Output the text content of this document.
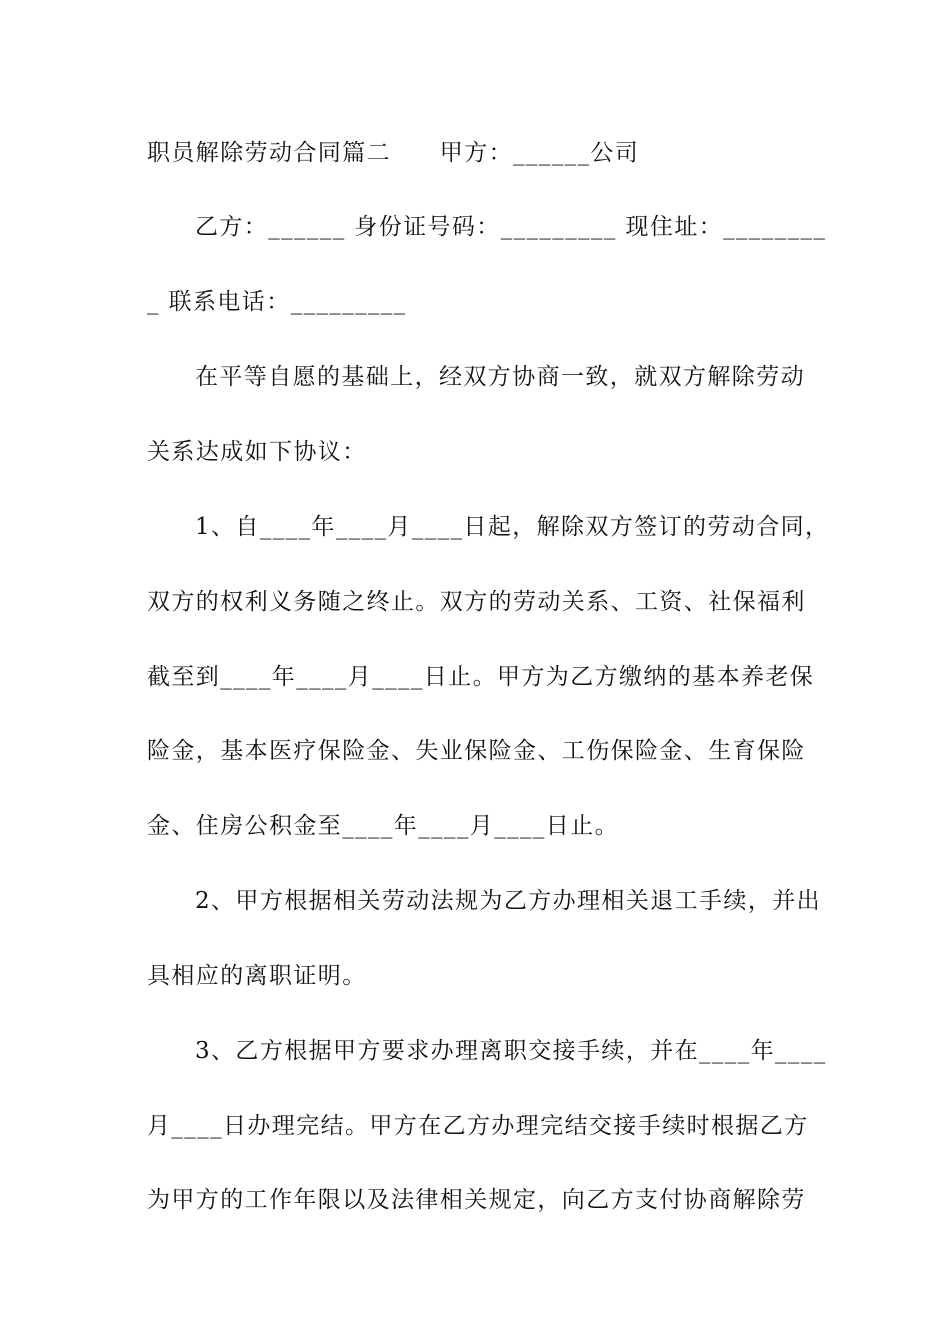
职员解除劳动合同篇二　　甲方：______公司
乙方：______ 身份证号码：_________ 现住址：________
_ 联系电话：_________
在平等自愿的基础上，经双方协商一致，就双方解除劳动
关系达成如下协议：
1、自____年____月____日起，解除双方签订的劳动合同，
双方的权利义务随之终止。双方的劳动关系、工资、社保福利
截至到____年____月____日止。甲方为乙方缴纳的基本养老保
险金，基本医疗保险金、失业保险金、工伤保险金、生育保险
金、住房公积金至____年____月____日止。
2、甲方根据相关劳动法规为乙方办理相关退工手续，并出
具相应的离职证明。
3、乙方根据甲方要求办理离职交接手续，并在____年____
月____日办理完结。甲方在乙方办理完结交接手续时根据乙方
为甲方的工作年限以及法律相关规定，向乙方支付协商解除劳
